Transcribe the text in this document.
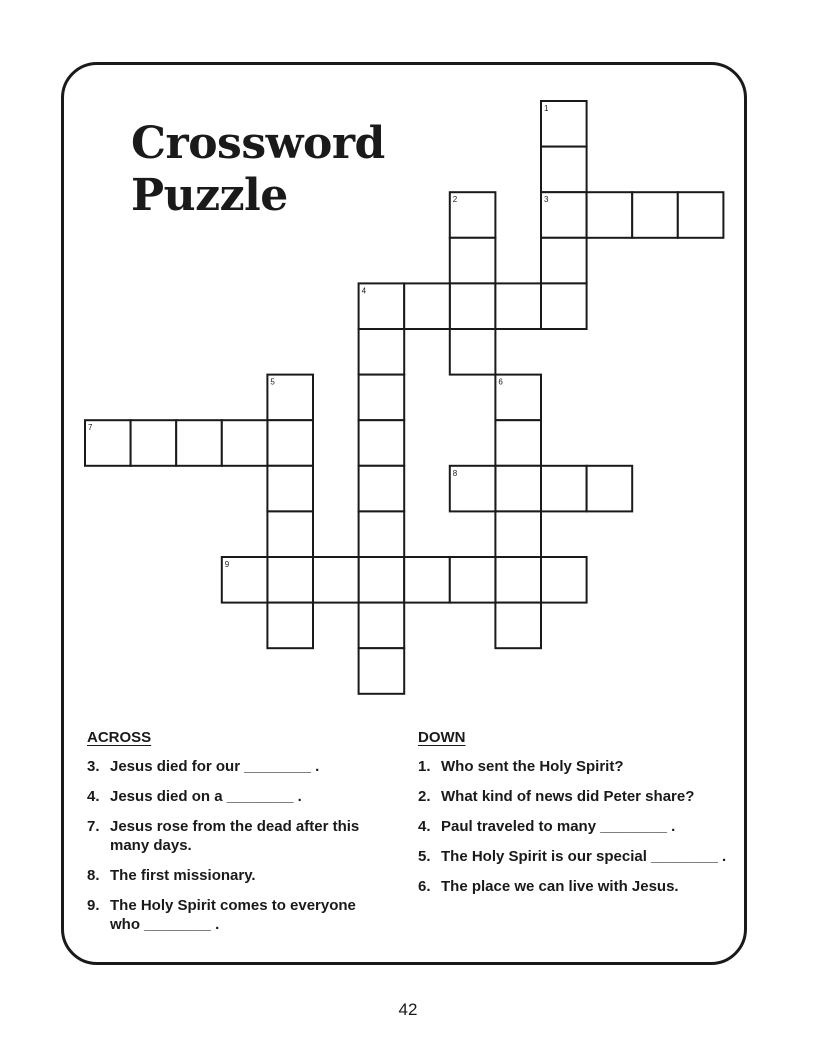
Crossword
Puzzle
1
2	3
4
5	6
7
8
9
ACROSS
3. Jesus died for our ________ .
4. Jesus died on a ________ .
7. Jesus rose from the dead after this many days.
8. The first missionary.
9. The Holy Spirit comes to everyone who ________ .
DOWN
1. Who sent the Holy Spirit?
2. What kind of news did Peter share?
4. Paul traveled to many ________ .
5. The Holy Spirit is our special ________ .
6. The place we can live with Jesus.
42
